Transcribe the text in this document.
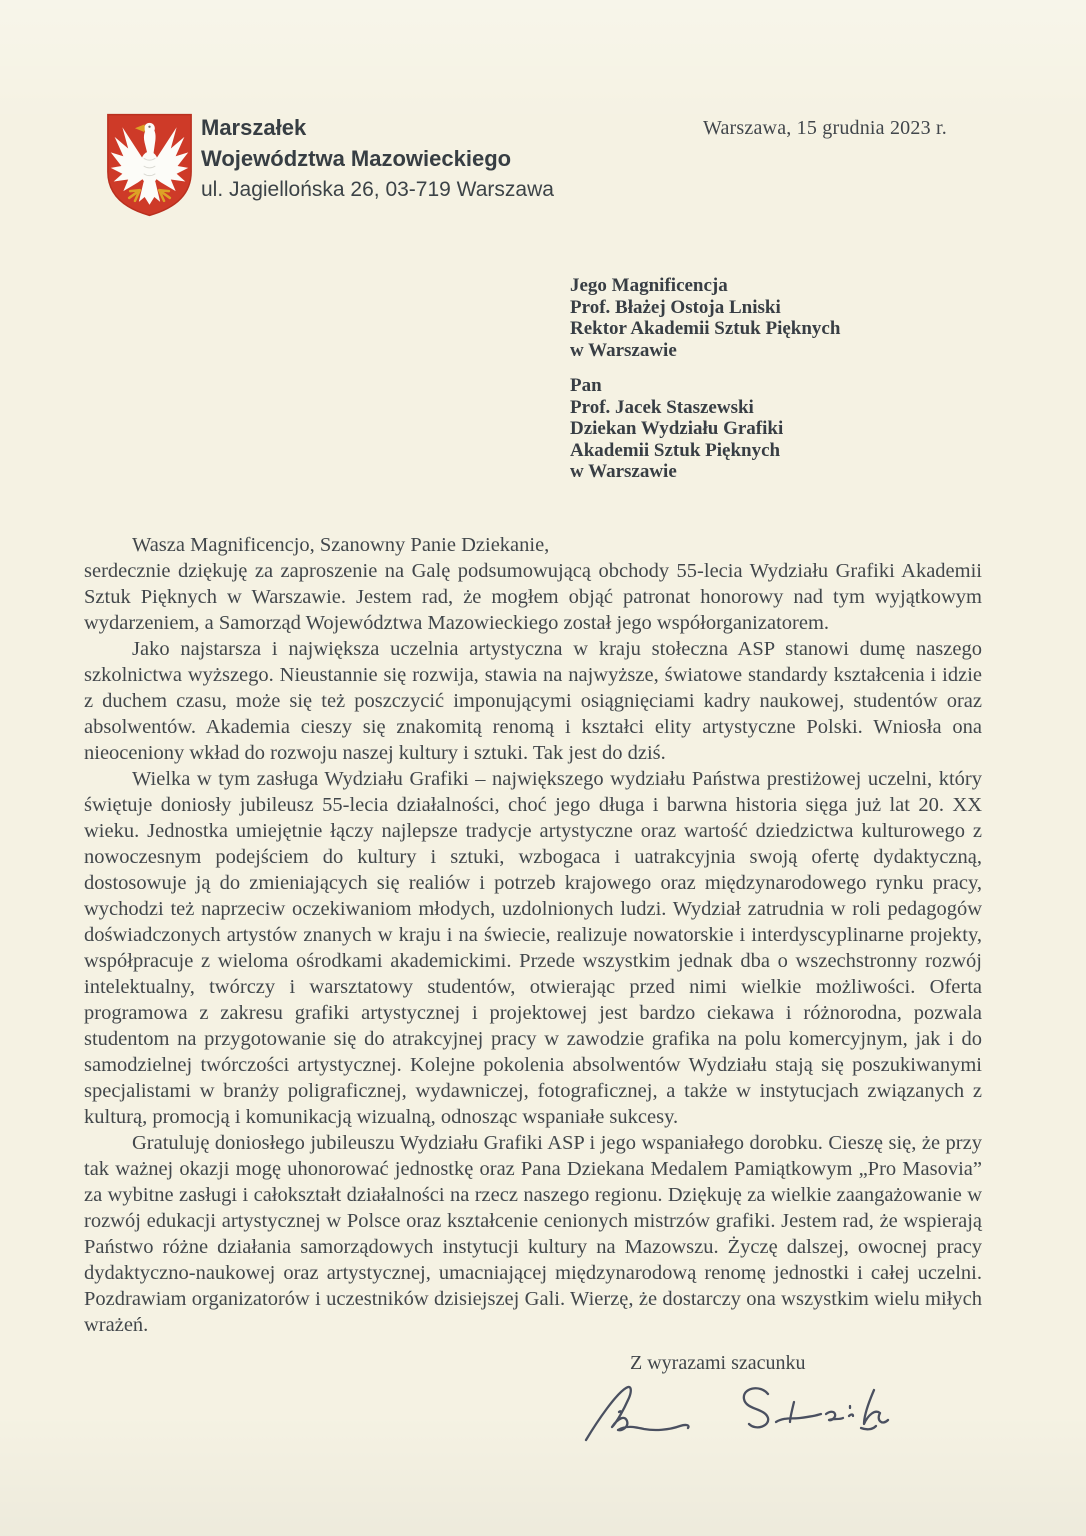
Marszałek
Województwa Mazowieckiego
ul. Jagiellońska 26, 03-719 Warszawa
Warszawa, 15 grudnia 2023 r.
Jego Magnificencja
Prof. Błażej Ostoja Lniski
Rektor Akademii Sztuk Pięknych
w Warszawie
Pan
Prof. Jacek Staszewski
Dziekan Wydziału Grafiki
Akademii Sztuk Pięknych
w Warszawie

Wasza Magnificencjo, Szanowny Panie Dziekanie,

serdecznie dziękuję za zaproszenie na Galę podsumowującą obchody 55-lecia Wydziału Grafiki Akademii Sztuk Pięknych w Warszawie. Jestem rad, że mogłem objąć patronat honorowy nad tym wyjątkowym wydarzeniem, a Samorząd Województwa Mazowieckiego został jego współorganizatorem.

Jako najstarsza i największa uczelnia artystyczna w kraju stołeczna ASP stanowi dumę naszego szkolnictwa wyższego. Nieustannie się rozwija, stawia na najwyższe, światowe standardy kształcenia i idzie z duchem czasu, może się też poszczycić imponującymi osiągnięciami kadry naukowej, studentów oraz absolwentów. Akademia cieszy się znakomitą renomą i kształci elity artystyczne Polski. Wniosła ona nieoceniony wkład do rozwoju naszej kultury i sztuki. Tak jest do dziś.

Wielka w tym zasługa Wydziału Grafiki – największego wydziału Państwa prestiżowej uczelni, który świętuje doniosły jubileusz 55-lecia działalności, choć jego długa i barwna historia sięga już lat 20. XX wieku. Jednostka umiejętnie łączy najlepsze tradycje artystyczne oraz wartość dziedzictwa kulturowego z nowoczesnym podejściem do kultury i sztuki, wzbogaca i uatrakcyjnia swoją ofertę dydaktyczną, dostosowuje ją do zmieniających się realiów i potrzeb krajowego oraz międzynarodowego rynku pracy, wychodzi też naprzeciw oczekiwaniom młodych, uzdolnionych ludzi. Wydział zatrudnia w roli pedagogów doświadczonych artystów znanych w kraju i na świecie, realizuje nowatorskie i interdyscyplinarne projekty, współpracuje z wieloma ośrodkami akademickimi. Przede wszystkim jednak dba o wszechstronny rozwój intelektualny, twórczy i warsztatowy studentów, otwierając przed nimi wielkie możliwości. Oferta programowa z zakresu grafiki artystycznej i projektowej jest bardzo ciekawa i różnorodna, pozwala studentom na przygotowanie się do atrakcyjnej pracy w zawodzie grafika na polu komercyjnym, jak i do samodzielnej twórczości artystycznej. Kolejne pokolenia absolwentów Wydziału stają się poszukiwanymi specjalistami w branży poligraficznej, wydawniczej, fotograficznej, a także w instytucjach związanych z kulturą, promocją i komunikacją wizualną, odnosząc wspaniałe sukcesy.

Gratuluję doniosłego jubileuszu Wydziału Grafiki ASP i jego wspaniałego dorobku. Cieszę się, że przy tak ważnej okazji mogę uhonorować jednostkę oraz Pana Dziekana Medalem Pamiątkowym „Pro Masovia” za wybitne zasługi i całokształt działalności na rzecz naszego regionu. Dziękuję za wielkie zaangażowanie w rozwój edukacji artystycznej w Polsce oraz kształcenie cenionych mistrzów grafiki. Jestem rad, że wspierają Państwo różne działania samorządowych instytucji kultury na Mazowszu. Życzę dalszej, owocnej pracy dydaktyczno-naukowej oraz artystycznej, umacniającej międzynarodową renomę jednostki i całej uczelni. Pozdrawiam organizatorów i uczestników dzisiejszej Gali. Wierzę, że dostarczy ona wszystkim wielu miłych wrażeń.

Z wyrazami szacunku
